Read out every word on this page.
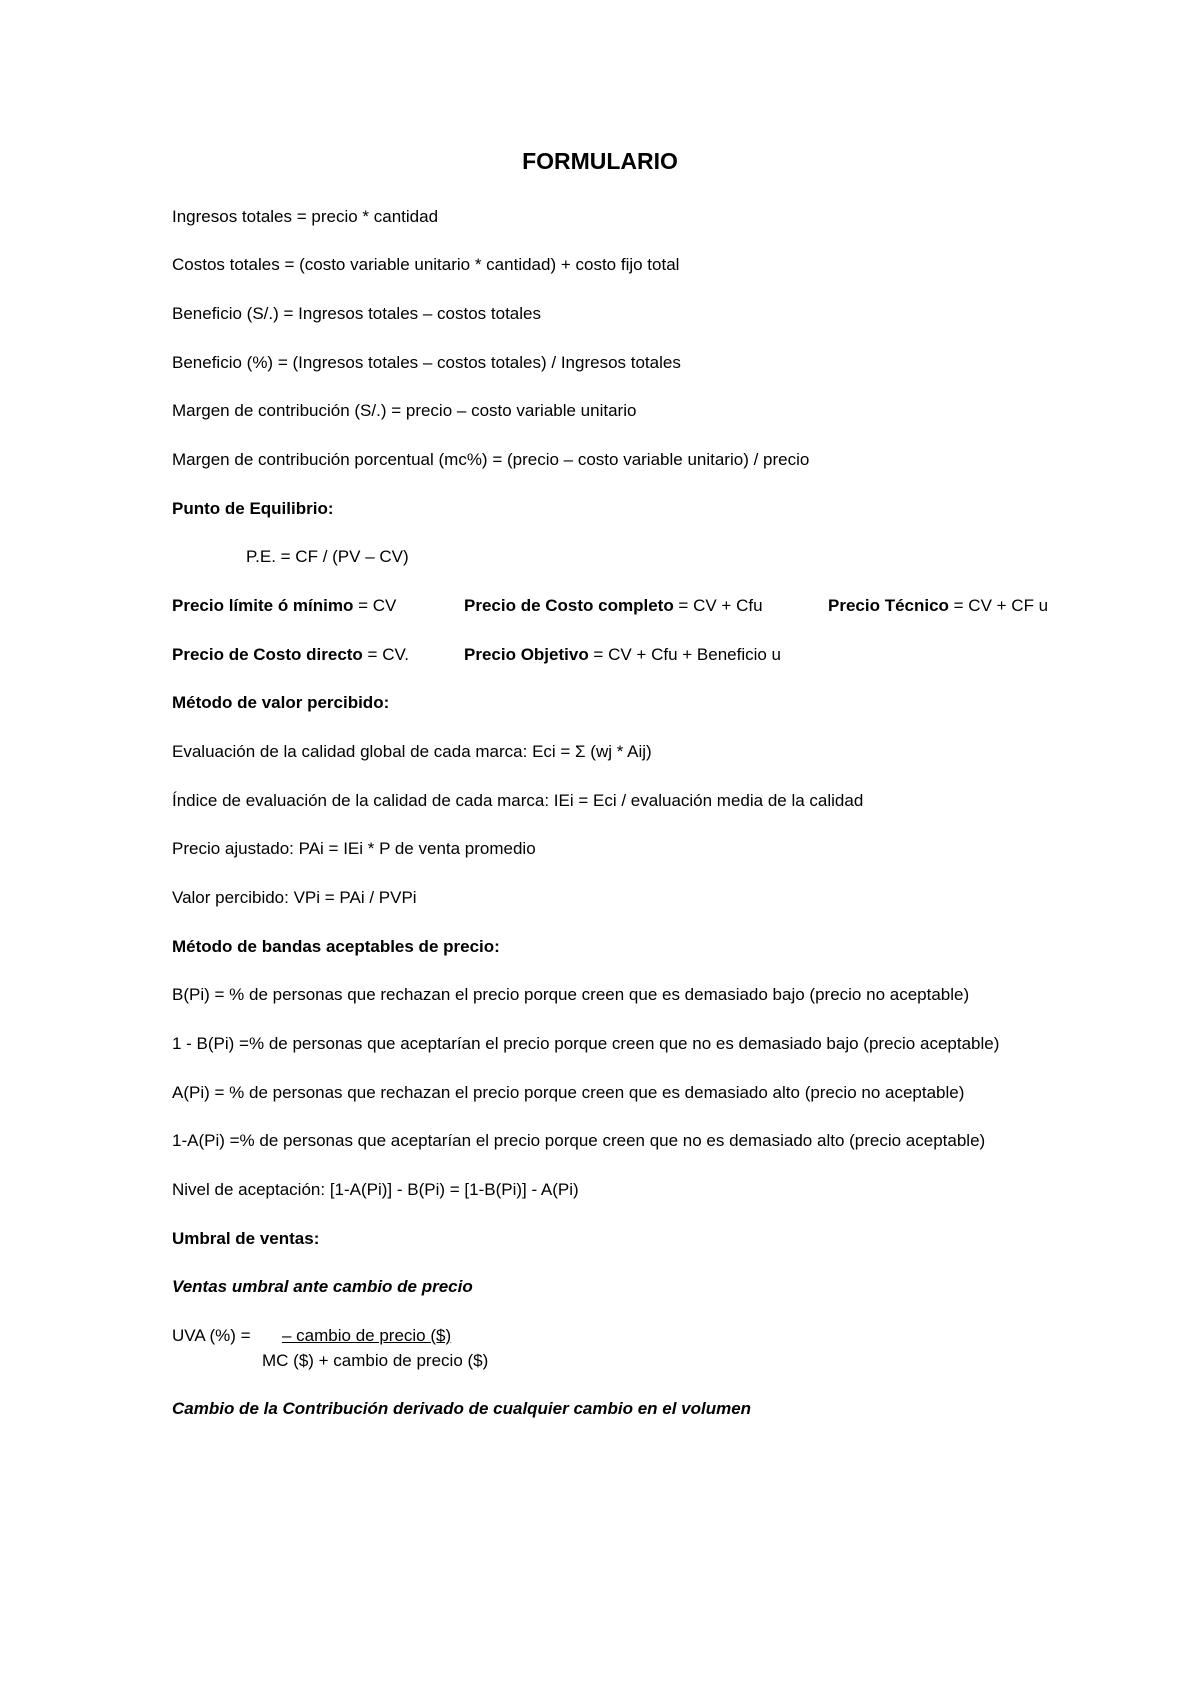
FORMULARIO
Ingresos totales = precio * cantidad
Costos totales = (costo variable unitario * cantidad) + costo fijo total
Beneficio (S/.) = Ingresos totales – costos totales
Beneficio (%) = (Ingresos totales – costos totales) / Ingresos totales
Margen de contribución (S/.) = precio – costo variable unitario
Margen de contribución porcentual (mc%) = (precio – costo variable unitario) / precio
Punto de Equilibrio:
P.E. = CF / (PV – CV)
Precio límite ó mínimo = CV	Precio de Costo completo = CV + Cfu	Precio Técnico = CV + CF u
Precio de Costo directo = CV.	Precio Objetivo = CV + Cfu + Beneficio u
Método de valor percibido:
Evaluación de la calidad global de cada marca: Eci = Σ (wj * Aij)
Índice de evaluación de la calidad de cada marca: IEi = Eci / evaluación media de la calidad
Precio ajustado: PAi = IEi * P de venta promedio
Valor percibido: VPi = PAi / PVPi
Método de bandas aceptables de precio:
B(Pi) = % de personas que rechazan el precio porque creen que es demasiado bajo (precio no aceptable)
1 - B(Pi) =% de personas que aceptarían el precio porque creen que no es demasiado bajo (precio aceptable)
A(Pi) = % de personas que rechazan el precio porque creen que es demasiado alto (precio no aceptable)
1-A(Pi) =% de personas que aceptarían el precio porque creen que no es demasiado alto (precio aceptable)
Nivel de aceptación: [1-A(Pi)] - B(Pi) = [1-B(Pi)] - A(Pi)
Umbral de ventas:
Ventas umbral ante cambio de precio
UVA (%) =	– cambio de precio ($)
MC ($) + cambio de precio ($)
Cambio de la Contribución derivado de cualquier cambio en el volumen
